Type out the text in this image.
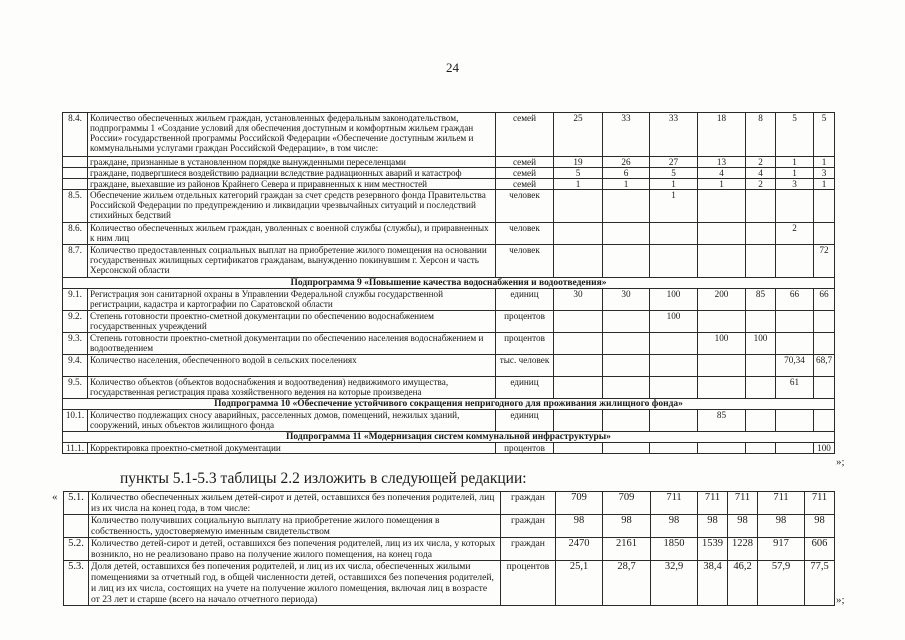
24
8.4.	Количество обеспеченных жильем граждан, установленных федеральным законодательством, подпрограммы 1 «Создание условий для обеспечения доступным и комфортным жильем граждан России» государственной программы Российской Федерации «Обеспечение доступным жильем и коммунальными услугами граждан Российской Федерации», в том числе:	семей	25	33	33	18	8	5	5
	граждане, признанные в установленном порядке вынужденными переселенцами	семей	19	26	27	13	2	1	1
	граждане, подвергшиеся воздействию радиации вследствие радиационных аварий и катастроф	семей	5	6	5	4	4	1	3
	граждане, выехавшие из районов Крайнего Севера и приравненных к ним местностей	семей	1	1	1	1	2	3	1
8.5.	Обеспечение жильем отдельных категорий граждан за счет средств резервного фонда Правительства Российской Федерации по предупреждению и ликвидации чрезвычайных ситуаций и последствий стихийных бедствий	человек			1				
8.6.	Количество обеспеченных жильем граждан, уволенных с военной службы (службы), и приравненных к ним лиц	человек						2	
8.7.	Количество предоставленных социальных выплат на приобретение жилого помещения на основании государственных жилищных сертификатов гражданам, вынужденно покинувшим г. Херсон и часть Херсонской области	человек							72
Подпрограмма 9 «Повышение качества водоснабжения и водоотведения»									
9.1.	Регистрация зон санитарной охраны в Управлении Федеральной службы государственной регистрации, кадастра и картографии по Саратовской области	единиц	30	30	100	200	85	66	66
9.2.	Степень готовности проектно-сметной документации по обеспечению водоснабжением государственных учреждений	процентов			100				
9.3.	Степень готовности проектно-сметной документации по обеспечению населения водоснабжением и водоотведением	процентов				100	100		
9.4.	Количество населения, обеспеченного водой в сельских поселениях	тыс. человек						70,34	68,7
9.5.	Количество объектов (объектов водоснабжения и водоотведения) недвижимого имущества, государственная регистрация права хозяйственного ведения на которые произведена	единиц						61	
Подпрограмма 10 «Обеспечение устойчивого сокращения непригодного для проживания жилищного фонда»									
10.1.	Количество подлежащих сносу аварийных, расселенных домов, помещений, нежилых зданий, сооружений, иных объектов жилищного фонда	единиц				85			
Подпрограмма 11 «Модернизация систем коммунальной инфраструктуры»									
11.1.	Корректировка проектно-сметной документации	процентов							100
»;
пункты 5.1-5.3 таблицы 2.2 изложить в следующей редакции:
« 5.1.	Количество обеспеченных жильем детей-сирот и детей, оставшихся без попечения родителей, лиц из их числа на конец года, в том числе:	граждан	709	709	711	711	711	711	711
	Количество получивших социальную выплату на приобретение жилого помещения в собственность, удостоверяемую именным свидетельством	граждан	98	98	98	98	98	98	98
5.2.	Количество детей-сирот и детей, оставшихся без попечения родителей, лиц из их числа, у которых возникло, но не реализовано право на получение жилого помещения, на конец года	граждан	2470	2161	1850	1539	1228	917	606
5.3.	Доля детей, оставшихся без попечения родителей, и лиц из их числа, обеспеченных жилыми помещениями за отчетный год, в общей численности детей, оставшихся без попечения родителей, и лиц из их числа, состоящих на учете на получение жилого помещения, включая лиц в возрасте от 23 лет и старше (всего на начало отчетного периода)	процентов	25,1	28,7	32,9	38,4	46,2	57,9	77,5
»;
